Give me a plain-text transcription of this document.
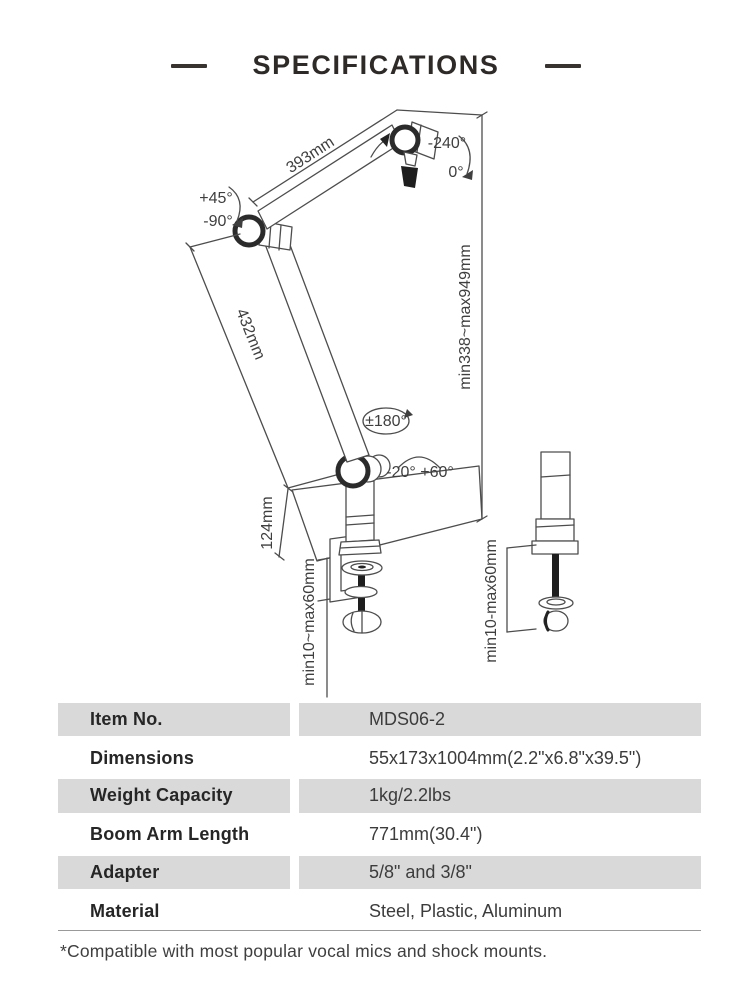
SPECIFICATIONS
393mm	-240°
0°
+45°
-90°
min338~max949mm
432mm
±180°
-20° +60°
124mm
min10~max60mm	min10-max60mm
Item No.	MDS06-2
Dimensions	55x173x1004mm(2.2"x6.8"x39.5")
Weight Capacity	1kg/2.2lbs
Boom Arm Length	771mm(30.4")
Adapter	5/8" and 3/8"
Material	Steel, Plastic, Aluminum
*Compatible with most popular vocal mics and shock mounts.
